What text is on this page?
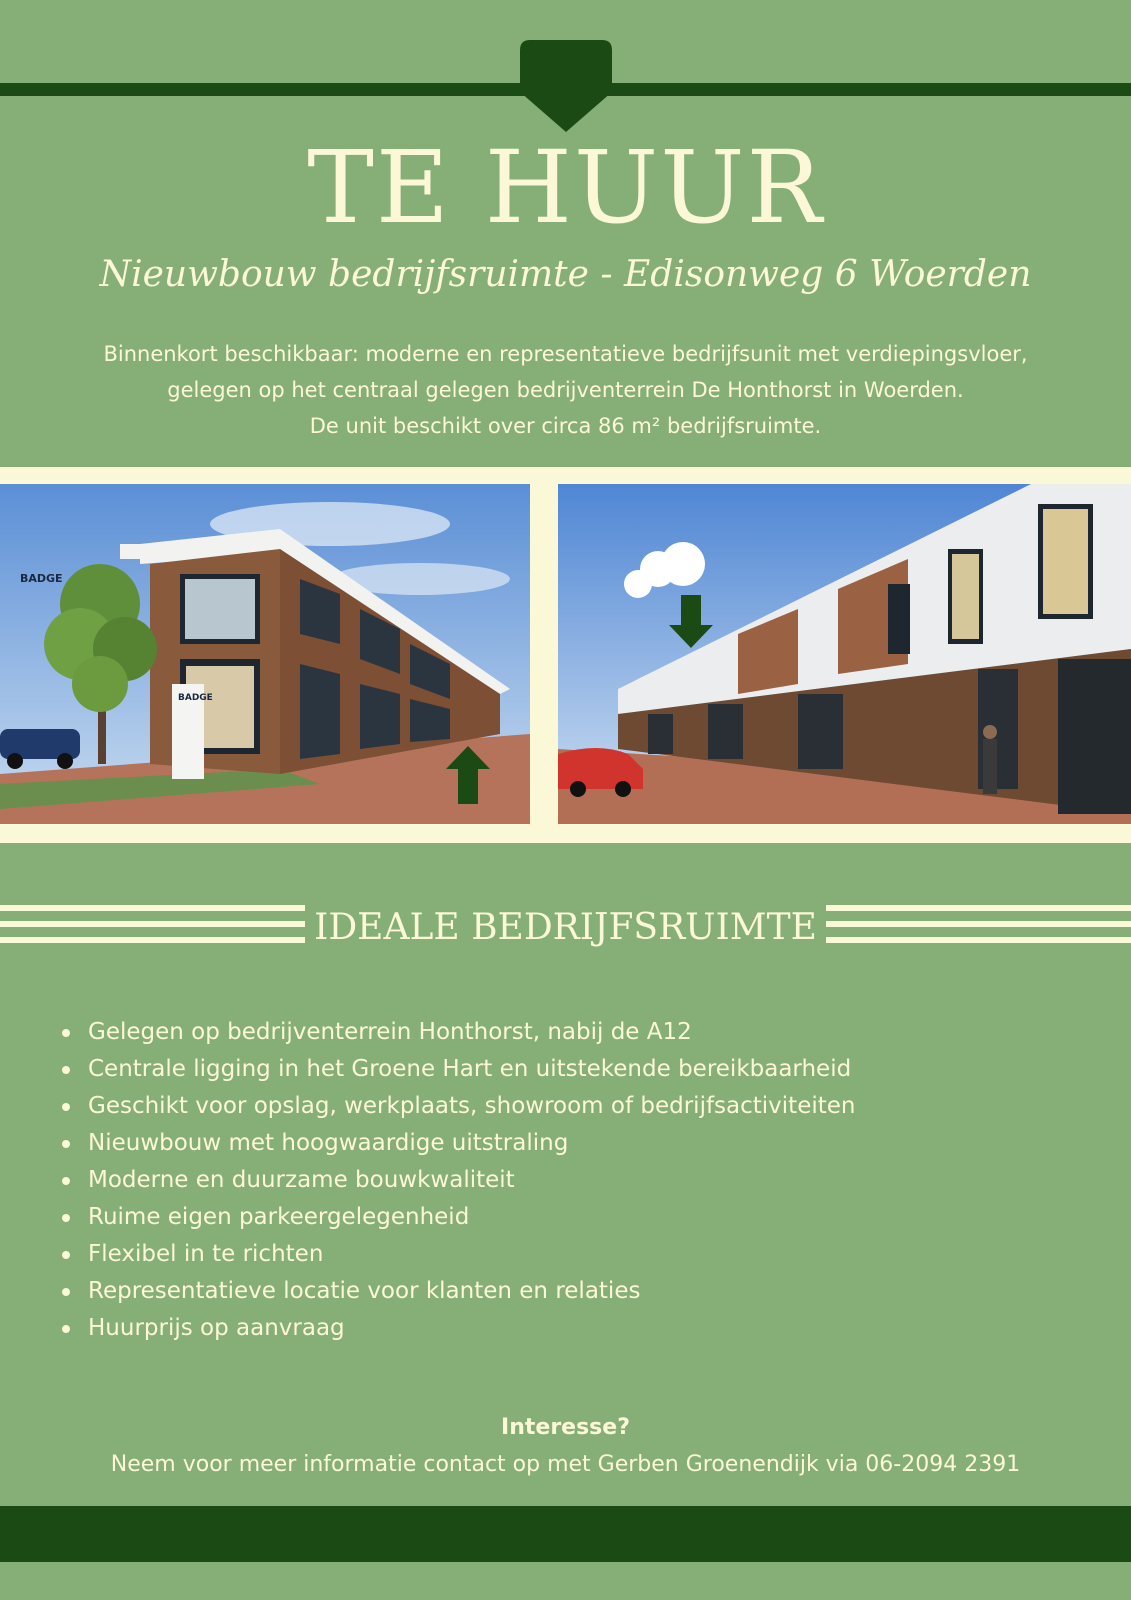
TE HUUR
Nieuwbouw bedrijfsruimte - Edisonweg 6 Woerden
Binnenkort beschikbaar: moderne en representatieve bedrijfsunit met verdiepingsvloer,
gelegen op het centraal gelegen bedrijventerrein De Honthorst in Woerden.
De unit beschikt over circa 86 m² bedrijfsruimte.
BADGE
BADGE
IDEALE BEDRIJFSRUIMTE
Gelegen op bedrijventerrein Honthorst, nabij de A12
Centrale ligging in het Groene Hart en uitstekende bereikbaarheid
Geschikt voor opslag, werkplaats, showroom of bedrijfsactiviteiten
Nieuwbouw met hoogwaardige uitstraling
Moderne en duurzame bouwkwaliteit
Ruime eigen parkeergelegenheid
Flexibel in te richten
Representatieve locatie voor klanten en relaties
Huurprijs op aanvraag
Interesse?
Neem voor meer informatie contact op met Gerben Groenendijk via 06-2094 2391
